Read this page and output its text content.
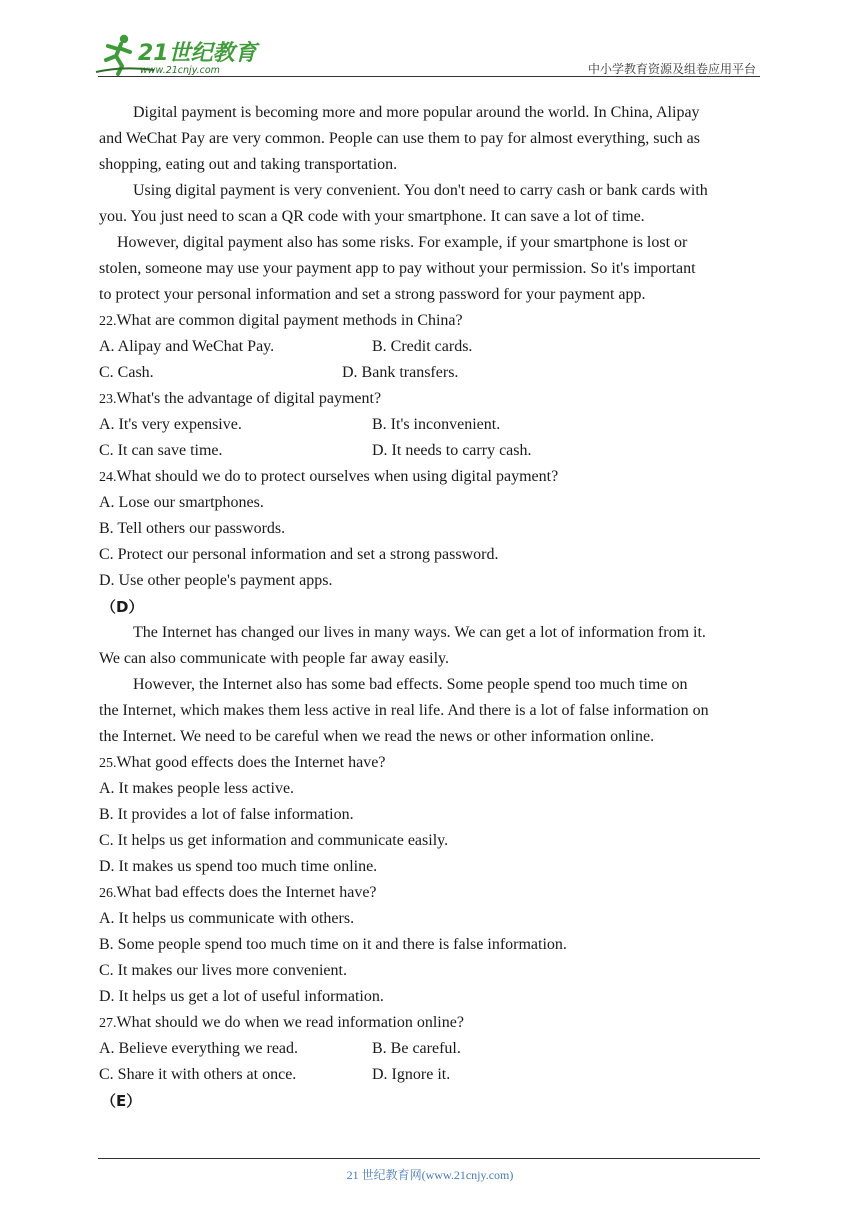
21世纪教育
www.21cnjy.com	中小学教育资源及组卷应用平台
Digital payment is becoming more and more popular around the world. In China, Alipay
and WeChat Pay are very common. People can use them to pay for almost everything, such as
shopping, eating out and taking transportation.
Using digital payment is very convenient. You don't need to carry cash or bank cards with
you. You just need to scan a QR code with your smartphone. It can save a lot of time.
However, digital payment also has some risks. For example, if your smartphone is lost or
stolen, someone may use your payment app to pay without your permission. So it's important
to protect your personal information and set a strong password for your payment app.
22.What are common digital payment methods in China?
A. Alipay and WeChat Pay.	B. Credit cards.
C. Cash.	D. Bank transfers.
23.What's the advantage of digital payment?
A. It's very expensive.	B. It's inconvenient.
C. It can save time.	D. It needs to carry cash.
24.What should we do to protect ourselves when using digital payment?
A. Lose our smartphones.
B. Tell others our passwords.
C. Protect our personal information and set a strong password.
D. Use other people's payment apps.
（D）
The Internet has changed our lives in many ways. We can get a lot of information from it.
We can also communicate with people far away easily.
However, the Internet also has some bad effects. Some people spend too much time on
the Internet, which makes them less active in real life. And there is a lot of false information on
the Internet. We need to be careful when we read the news or other information online.
25.What good effects does the Internet have?
A. It makes people less active.
B. It provides a lot of false information.
C. It helps us get information and communicate easily.
D. It makes us spend too much time online.
26.What bad effects does the Internet have?
A. It helps us communicate with others.
B. Some people spend too much time on it and there is false information.
C. It makes our lives more convenient.
D. It helps us get a lot of useful information.
27.What should we do when we read information online?
A. Believe everything we read.	B. Be careful.
C. Share it with others at once.	D. Ignore it.
（E）
21 世纪教育网(www.21cnjy.com)
